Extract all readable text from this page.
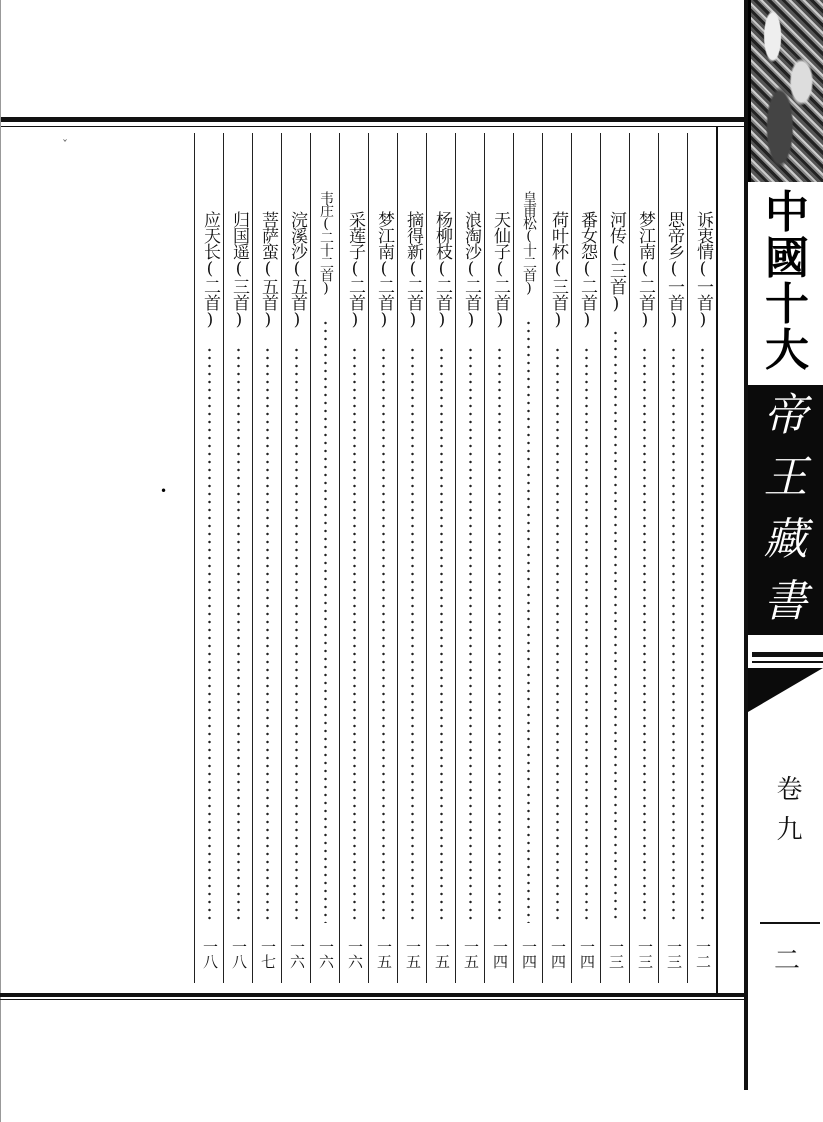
ˇ
•
诉衷情(一首)
一二
思帝乡(一首)
一三
梦江南(二首)
一三
河传(三首)
一三
番女怨(二首)
一四
荷叶杯(三首)
一四
皇甫松(十二首)
一四
天仙子(二首)
一四
浪淘沙(二首)
一五
杨柳枝(二首)
一五
摘得新(二首)
一五
梦江南(二首)
一五
采莲子(二首)
一六
韦庄(二十二首)
一六
浣溪沙(五首)
一六
菩萨蛮(五首)
一七
归国遥(三首)
一八
应天长(二首)
一八
中
國
十
大
帝
王
藏
書
卷九
二
